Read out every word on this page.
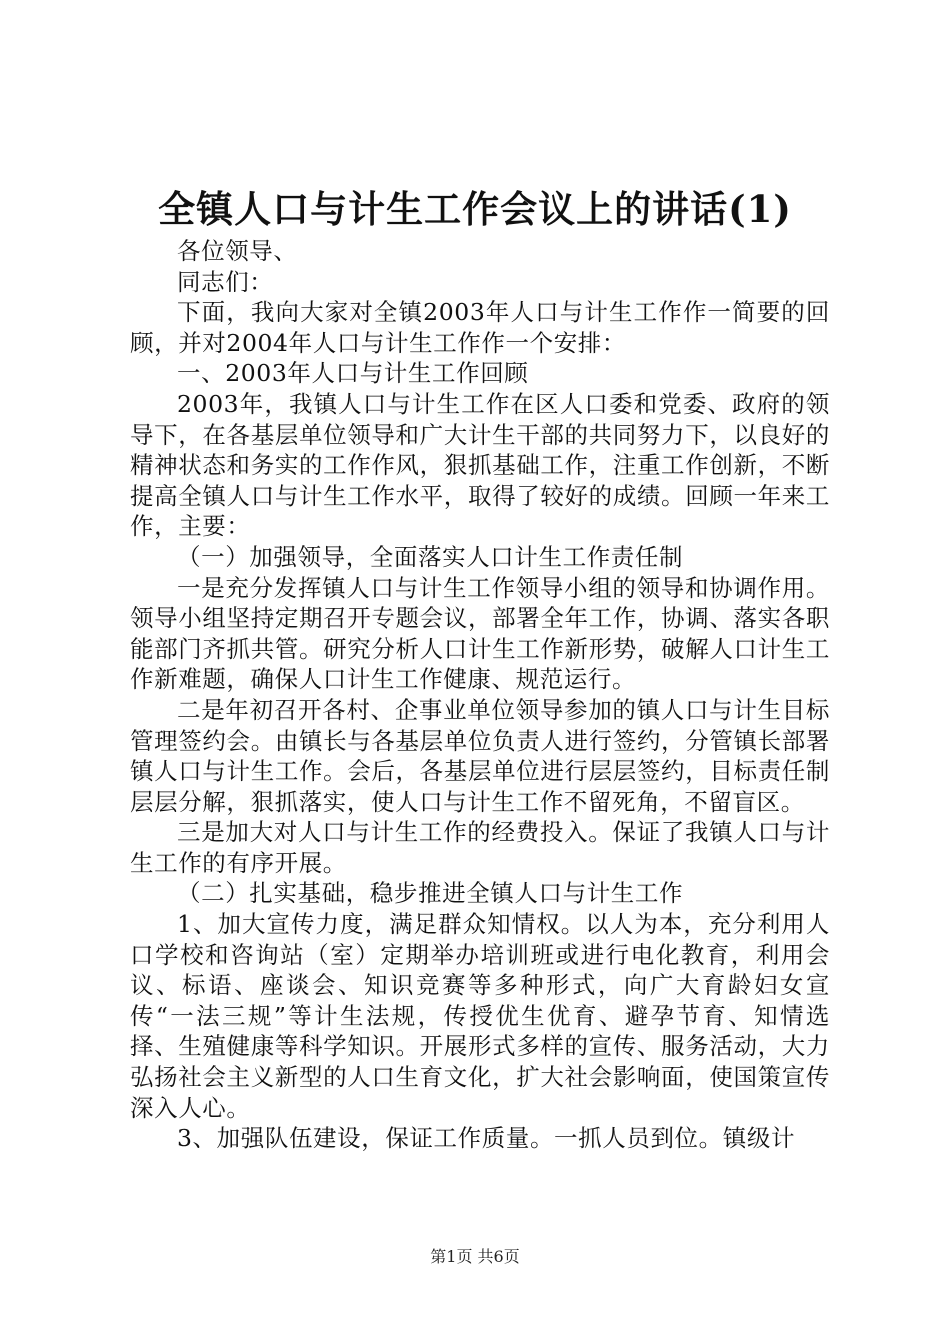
全镇人口与计生工作会议上的讲话(1)

各位领导、

同志们：

下面，我向大家对全镇2003年人口与计生工作作一简要的回顾，并对2004年人口与计生工作作一个安排：

一、2003年人口与计生工作回顾

2003年，我镇人口与计生工作在区人口委和党委、政府的领导下，在各基层单位领导和广大计生干部的共同努力下，以良好的精神状态和务实的工作作风，狠抓基础工作，注重工作创新，不断提高全镇人口与计生工作水平，取得了较好的成绩。回顾一年来工作，主要：

（一）加强领导，全面落实人口计生工作责任制

一是充分发挥镇人口与计生工作领导小组的领导和协调作用。领导小组坚持定期召开专题会议，部署全年工作，协调、落实各职能部门齐抓共管。研究分析人口计生工作新形势，破解人口计生工作新难题，确保人口计生工作健康、规范运行。

二是年初召开各村、企事业单位领导参加的镇人口与计生目标管理签约会。由镇长与各基层单位负责人进行签约，分管镇长部署镇人口与计生工作。会后，各基层单位进行层层签约，目标责任制层层分解，狠抓落实，使人口与计生工作不留死角，不留盲区。

三是加大对人口与计生工作的经费投入。保证了我镇人口与计生工作的有序开展。

（二）扎实基础，稳步推进全镇人口与计生工作

1、加大宣传力度，满足群众知情权。以人为本，充分利用人口学校和咨询站（室）定期举办培训班或进行电化教育，利用会议、标语、座谈会、知识竞赛等多种形式，向广大育龄妇女宣传“一法三规”等计生法规，传授优生优育、避孕节育、知情选择、生殖健康等科学知识。开展形式多样的宣传、服务活动，大力弘扬社会主义新型的人口生育文化，扩大社会影响面，使国策宣传深入人心。

3、加强队伍建设，保证工作质量。一抓人员到位。镇级计

第1页 共6页
